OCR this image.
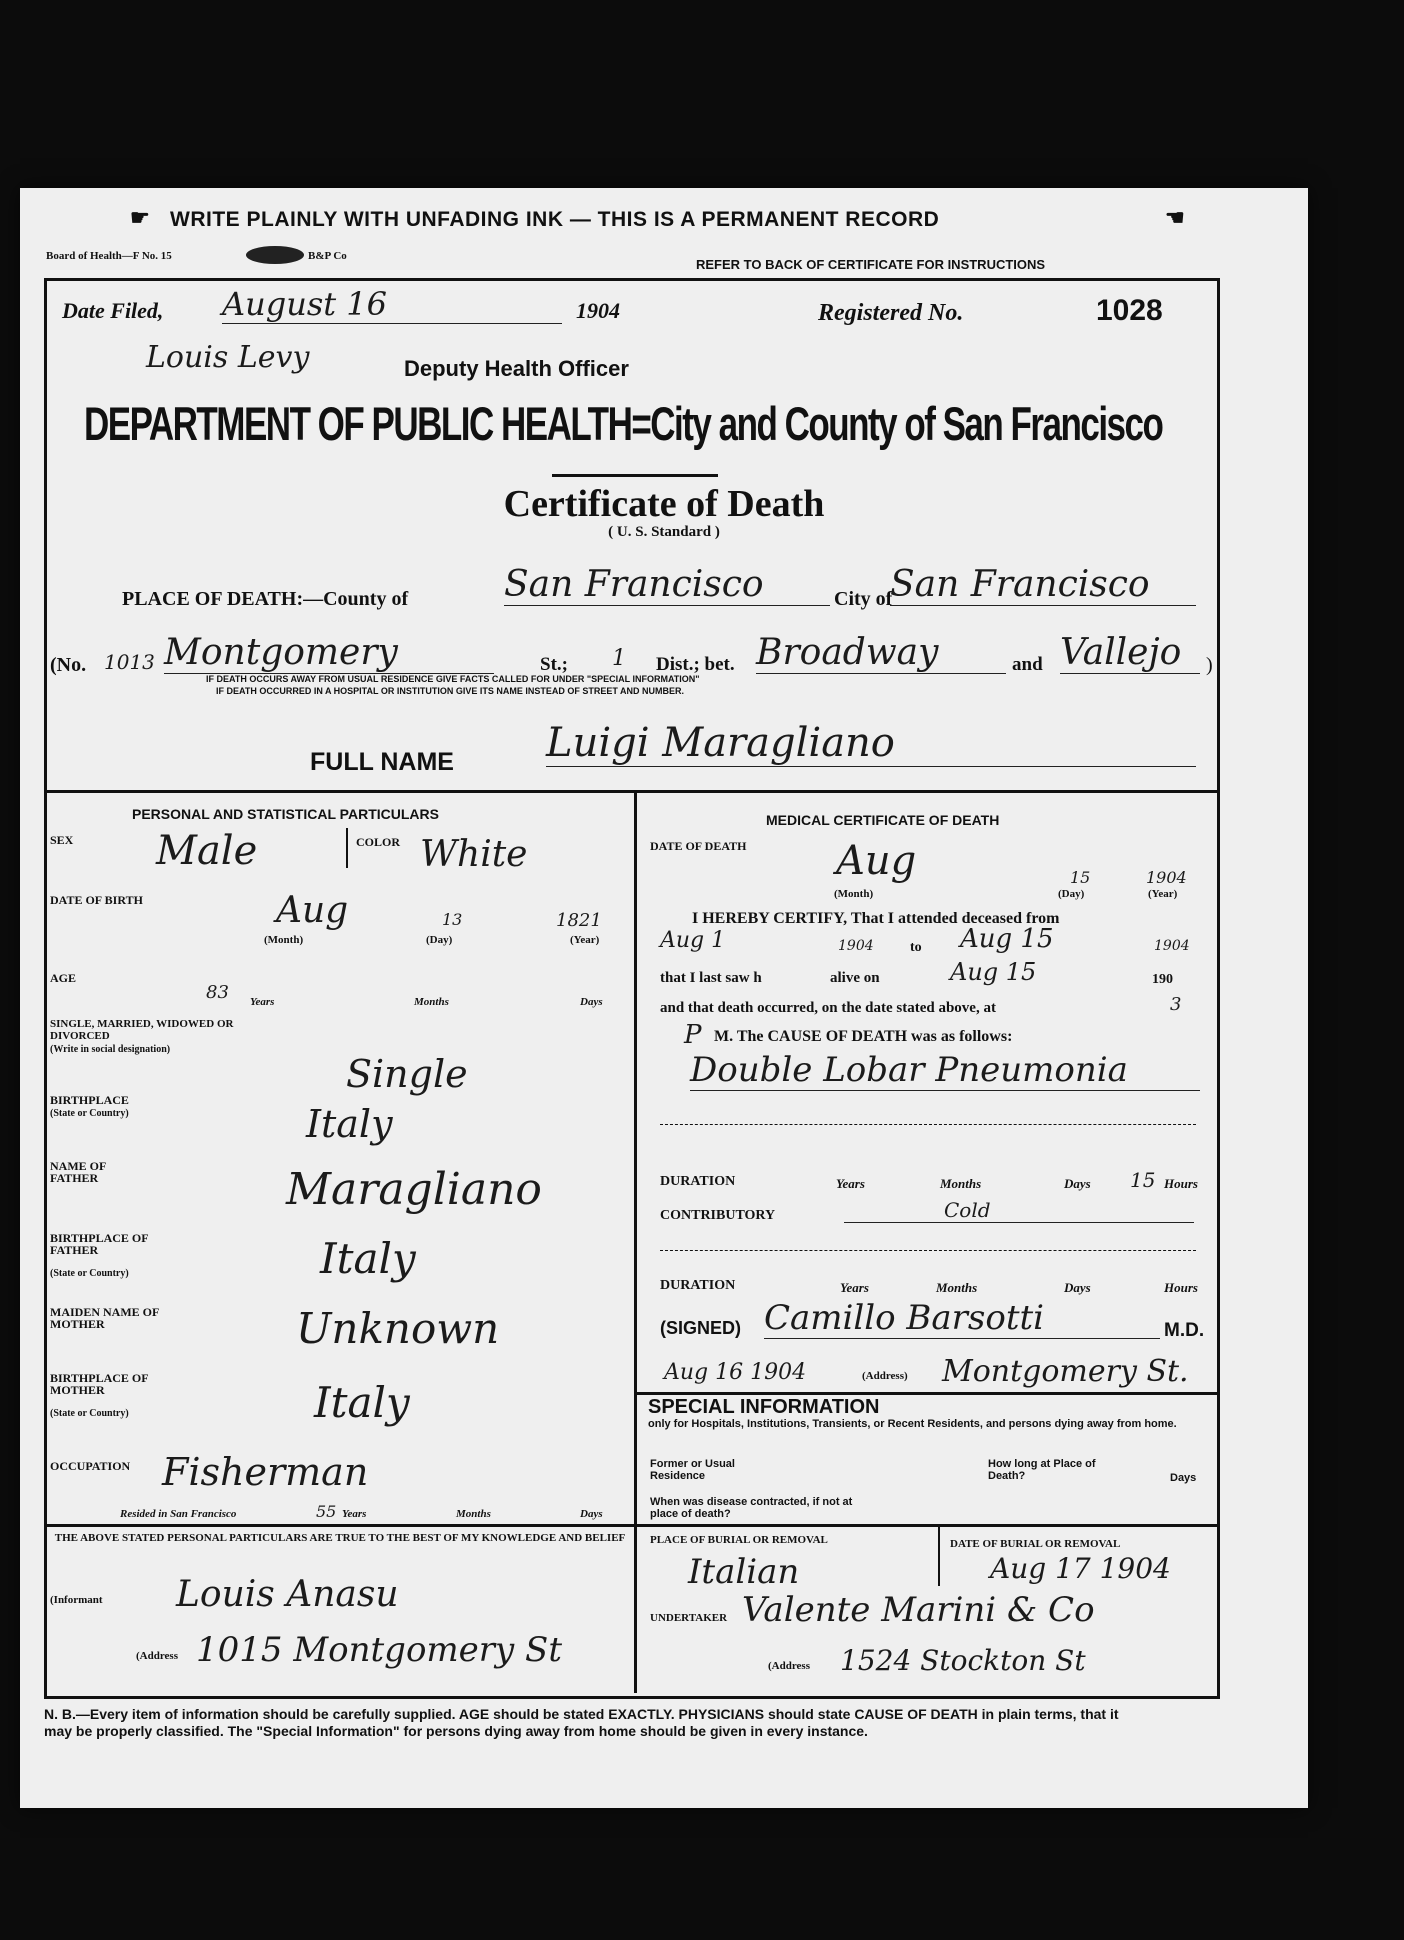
☛ WRITE PLAINLY WITH UNFADING INK — THIS IS A PERMANENT RECORD	☛
Board of Health—F No. 15	B&P Co
REFER TO BACK OF CERTIFICATE FOR INSTRUCTIONS
Date Filed, August 16	1904	Registered No.	1028
Louis Levy	Deputy Health Officer
DEPARTMENT OF PUBLIC HEALTH=City and County of San Francisco
Certificate of Death
( U. S. Standard )
PLACE OF DEATH:—County of	San Francisco	City of
San Francisco
(No. 1013 Montgomery	St.; 1 Dist.; bet. Broadway	and Vallejo	)
IF DEATH OCCURS AWAY FROM USUAL RESIDENCE GIVE FACTS CALLED FOR UNDER "SPECIAL INFORMATION"
IF DEATH OCCURRED IN A HOSPITAL OR INSTITUTION GIVE ITS NAME INSTEAD OF STREET AND NUMBER.
FULL NAME Luigi Maragliano
PERSONAL AND STATISTICAL PARTICULARS
SEX Male	COLOR White
DATE OF BIRTH	Aug	13	1821
(Month)	(Day)	(Year)
AGE
83 Years	Months	Days
SINGLE, MARRIED, WIDOWED OR DIVORCED
(Write in social designation)
Single
BIRTHPLACE
(State or Country)	Italy
NAME OF FATHER	Maragliano
BIRTHPLACE OF FATHER
(State or Country)	Italy
MAIDEN NAME OF MOTHER	Unknown
BIRTHPLACE OF MOTHER
(State or Country)	Italy
OCCUPATION Fisherman
Resided in San Francisco	55 Years	Months	Days
THE ABOVE STATED PERSONAL PARTICULARS ARE TRUE TO THE BEST OF MY KNOWLEDGE AND BELIEF
(Informant Louis Anasu
(Address 1015 Montgomery St
MEDICAL CERTIFICATE OF DEATH
DATE OF DEATH Aug	15	1904
(Month)	(Day)	(Year)
I HEREBY CERTIFY, That I attended deceased from
Aug 1	1904	to Aug 15	1904
that I last saw h	alive on	Aug 15	190
and that death occurred, on the date stated above, at	3
P M. The CAUSE OF DEATH was as follows:
Double Lobar Pneumonia
DURATION	Years	Months	Days 15 Hours
CONTRIBUTORY	Cold
DURATION	Years	Months	Days	Hours
(SIGNED) Camillo Barsotti	M.D.
Aug 16 1904	(Address) Montgomery St.
SPECIAL INFORMATION
only for Hospitals, Institutions, Transients, or Recent Residents, and persons dying away from home.
Former or Usual Residence
How long at Place of Death?	Days
When was disease contracted, if not at place of death?
PLACE OF BURIAL OR REMOVAL
Italian
DATE OF BURIAL OR REMOVAL
Aug 17 1904
UNDERTAKER Valente Marini & Co
(Address 1524 Stockton St
N. B.—Every item of information should be carefully supplied. AGE should be stated EXACTLY. PHYSICIANS should state CAUSE OF DEATH in plain terms, that it may be properly classified. The "Special Information" for persons dying away from home should be given in every instance.
